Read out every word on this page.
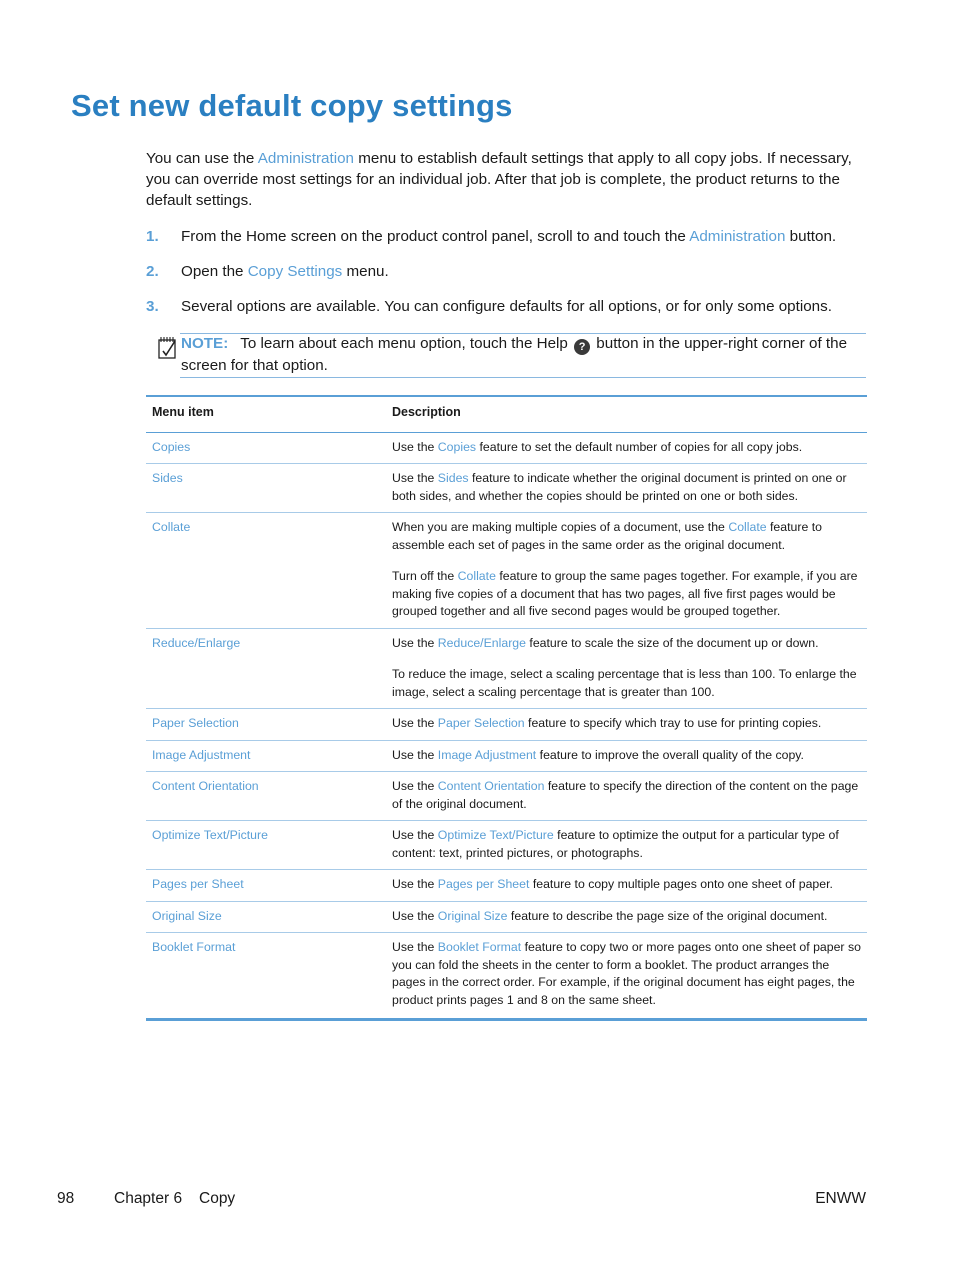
Set new default copy settings

You can use the Administration menu to establish default settings that apply to all copy jobs. If necessary, you can override most settings for an individual job. After that job is complete, the product returns to the default settings.

1. From the Home screen on the product control panel, scroll to and touch the Administration button.
2. Open the Copy Settings menu.
3. Several options are available. You can configure defaults for all options, or for only some options.
NOTE: To learn about each menu option, touch the Help ? button in the upper-right corner of the screen for that option.
Menu item	Description
Copies	Use the Copies feature to set the default number of copies for all copy jobs.

Sides	Use the Sides feature to indicate whether the original document is printed on one or both sides, and whether the copies should be printed on one or both sides.

Collate	When you are making multiple copies of a document, use the Collate feature to assemble each set of pages in the same order as the original document.

Turn off the Collate feature to group the same pages together. For example, if you are making five copies of a document that has two pages, all five first pages would be grouped together and all five second pages would be grouped together.

Reduce/Enlarge	Use the Reduce/Enlarge feature to scale the size of the document up or down.

To reduce the image, select a scaling percentage that is less than 100. To enlarge the image, select a scaling percentage that is greater than 100.

Paper Selection	Use the Paper Selection feature to specify which tray to use for printing copies.

Image Adjustment	Use the Image Adjustment feature to improve the overall quality of the copy.

Content Orientation	Use the Content Orientation feature to specify the direction of the content on the page of the original document.

Optimize Text/Picture	Use the Optimize Text/Picture feature to optimize the output for a particular type of content: text, printed pictures, or photographs.

Pages per Sheet	Use the Pages per Sheet feature to copy multiple pages onto one sheet of paper.

Original Size	Use the Original Size feature to describe the page size of the original document.

Booklet Format	Use the Booklet Format feature to copy two or more pages onto one sheet of paper so you can fold the sheets in the center to form a booklet. The product arranges the pages in the correct order. For example, if the original document has eight pages, the product prints pages 1 and 8 on the same sheet.

98	Chapter 6 Copy	ENWW
